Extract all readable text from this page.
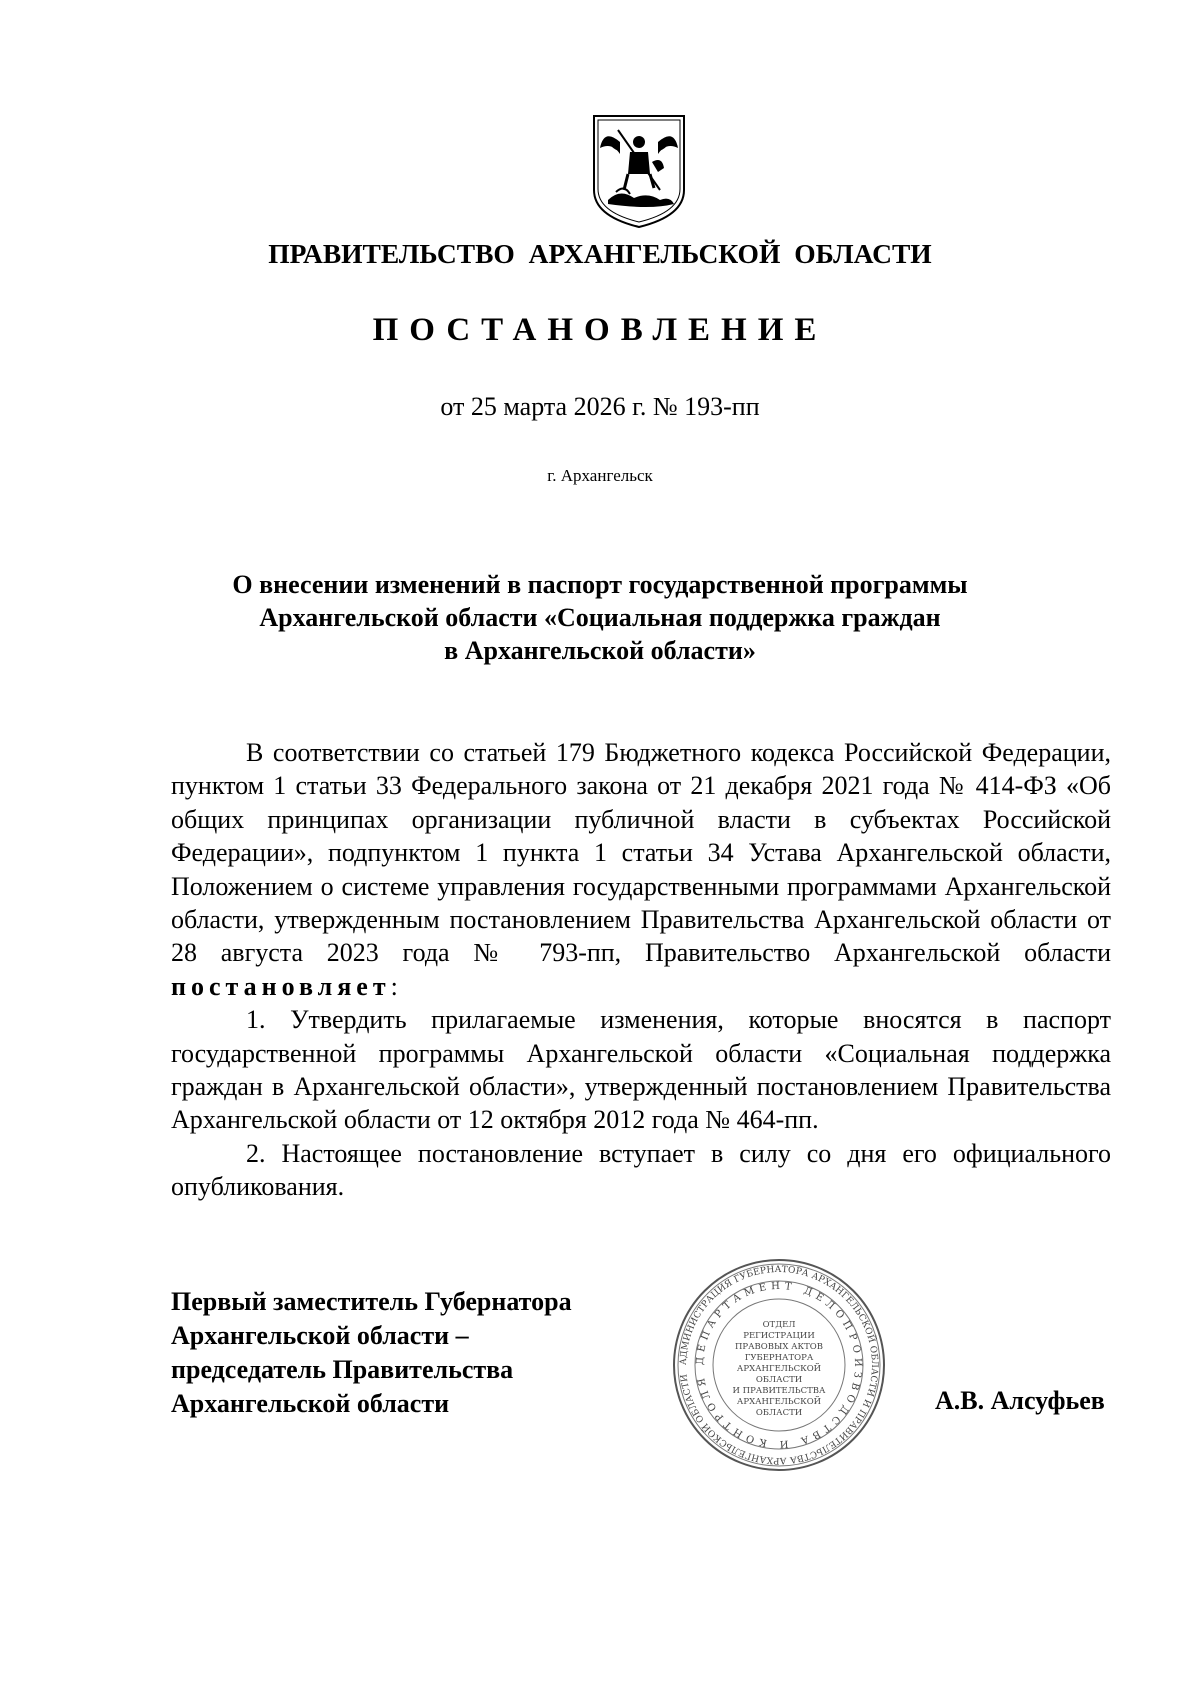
ПРАВИТЕЛЬСТВО АРХАНГЕЛЬСКОЙ ОБЛАСТИ
ПОСТАНОВЛЕНИЕ
от 25 марта 2026 г. № 193-пп
г. Архангельск
О внесении изменений в паспорт государственной программы
Архангельской области «Социальная поддержка граждан
в Архангельской области»

В соответствии со статьей 179 Бюджетного кодекса Российской Федерации, пунктом 1 статьи 33 Федерального закона от 21 декабря 2021 года № 414-ФЗ «Об общих принципах организации публичной власти в субъектах Российской Федерации», подпунктом 1 пункта 1 статьи 34 Устава Архангельской области, Положением о системе управления государственными программами Архангельской области, утвержденным постановлением Правительства Архангельской области от 28 августа 2023 года № 793-пп, Правительство Архангельской области постановляет:

1. Утвердить прилагаемые изменения, которые вносятся в паспорт государственной программы Архангельской области «Социальная поддержка граждан в Архангельской области», утвержденный постановлением Правительства Архангельской области от 12 октября 2012 года № 464-пп.

2. Настоящее постановление вступает в силу со дня его официального опубликования.

Первый заместитель Губернатора
Архангельской области –
председатель Правительства
Архангельской области	А.В. Алсуфьев
АДМИНИСТРАЦИЯ ГУБЕРНАТОРА АРХАНГЕЛЬСКОЙ ОБЛАСТИ И ПРАВИТЕЛЬСТВА АРХАНГЕЛЬСКОЙ ОБЛАСТИ
ДЕПАРТАМЕНТ ДЕЛОПРОИЗВОДСТВА И КОНТРОЛЯ
ОТДЕЛ
РЕГИСТРАЦИИ
ПРАВОВЫХ АКТОВ
ГУБЕРНАТОРА
АРХАНГЕЛЬСКОЙ
ОБЛАСТИ
И ПРАВИТЕЛЬСТВА
АРХАНГЕЛЬСКОЙ
ОБЛАСТИ
